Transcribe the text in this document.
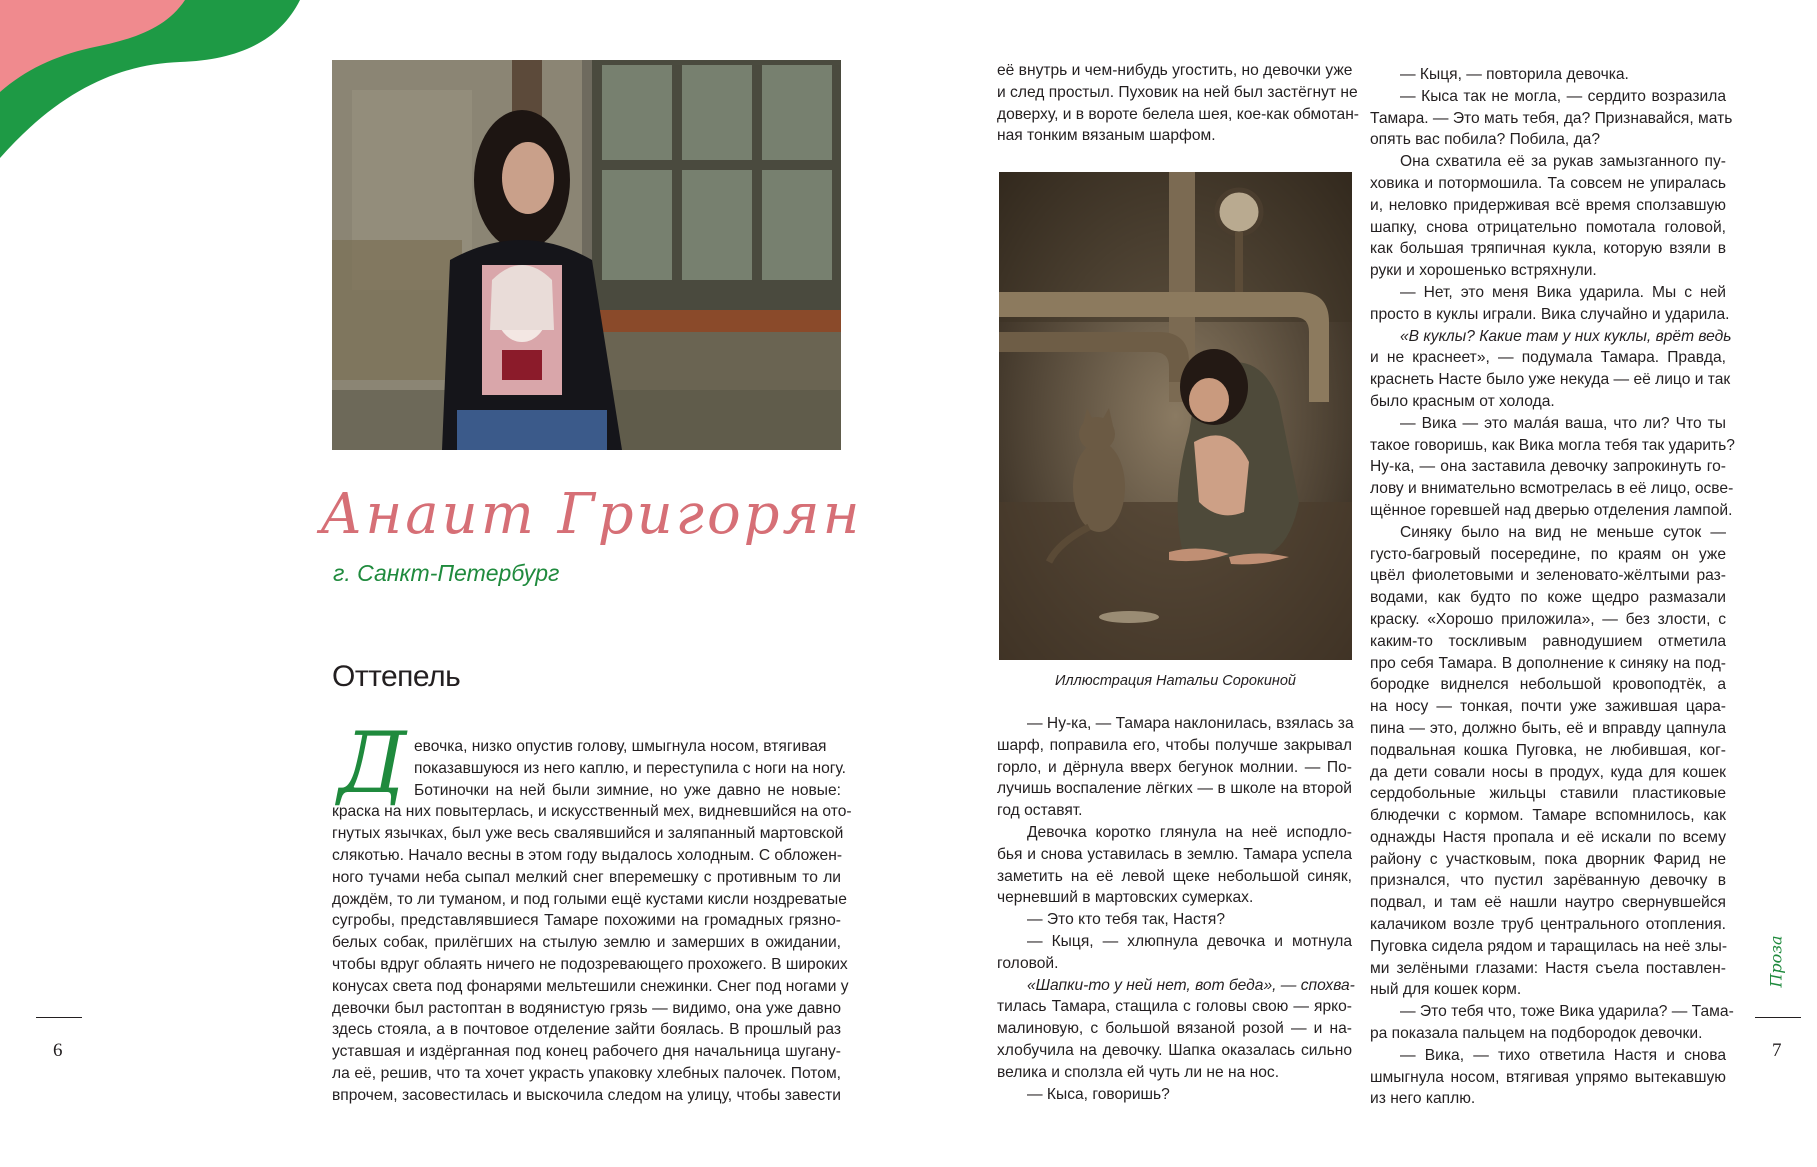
Анаит Григорян
г. Санкт-Петербург
Оттепель
Д евочка, низко опустив голову, шмыгнула носом, втягивая
показавшуюся из него каплю, и переступила с ноги на ногу.
Ботиночки на ней были зимние, но уже давно не новые:
краска на них повытерлась, и искусственный мех, видневшийся на ото-
гнутых язычках, был уже весь свалявшийся и заляпанный мартовской
слякотью. Начало весны в этом году выдалось холодным. С обложен-
ного тучами неба сыпал мелкий снег вперемешку с противным то ли
дождём, то ли туманом, и под голыми ещё кустами кисли ноздреватые
сугробы, представлявшиеся Тамаре похожими на громадных грязно-
белых собак, прилёгших на стылую землю и замерших в ожидании,
чтобы вдруг облаять ничего не подозревающего прохожего. В широких
конусах света под фонарями мельтешили снежинки. Снег под ногами у
девочки был растоптан в водянистую грязь — видимо, она уже давно
здесь стояла, а в почтовое отделение зайти боялась. В прошлый раз
уставшая и издёрганная под конец рабочего дня начальница шугану-
ла её, решив, что та хочет украсть упаковку хлебных палочек. Потом,
впрочем, засовестилась и выскочила следом на улицу, чтобы завести
её внутрь и чем-нибудь угостить, но девочки уже
и след простыл. Пуховик на ней был застёгнут не
доверху, и в вороте белела шея, кое-как обмотан-
ная тонким вязаным шарфом.
Иллюстрация Натальи Сорокиной
— Ну-ка, — Тамара наклонилась, взялась за
шарф, поправила его, чтобы получше закрывал
горло, и дёрнула вверх бегунок молнии. — По-
лучишь воспаление лёгких — в школе на второй
год оставят.
Девочка коротко глянула на неё исподло-
бья и снова уставилась в землю. Тамара успела
заметить на её левой щеке небольшой синяк,
черневший в мартовских сумерках.
— Это кто тебя так, Настя?
— Кыця, — хлюпнула девочка и мотнула
головой.
«Шапки-то у ней нет, вот беда», — спохва-
тилась Тамара, стащила с головы свою — ярко-
малиновую, с большой вязаной розой — и на-
хлобучила на девочку. Шапка оказалась сильно
велика и сползла ей чуть ли не на нос.
— Кыса, говоришь?
— Кыця, — повторила девочка.
— Кыса так не могла, — сердито возразила
Тамара. — Это мать тебя, да? Признавайся, мать
опять вас побила? Побила, да?
Она схватила её за рукав замызганного пу-
ховика и потормошила. Та совсем не упиралась
и, неловко придерживая всё время сползавшую
шапку, снова отрицательно помотала головой,
как большая тряпичная кукла, которую взяли в
руки и хорошенько встряхнули.
— Нет, это меня Вика ударила. Мы с ней
просто в куклы играли. Вика случайно и ударила.
«В куклы? Какие там у них куклы, врёт ведь
и не краснеет», — подумала Тамара. Правда,
краснеть Насте было уже некуда — её лицо и так
было красным от холода.
— Вика — это малáя ваша, что ли? Что ты
такое говоришь, как Вика могла тебя так ударить?
Ну-ка, — она заставила девочку запрокинуть го-
лову и внимательно всмотрелась в её лицо, осве-
щённое горевшей над дверью отделения лампой.
Синяку было на вид не меньше суток —
густо-багровый посередине, по краям он уже
цвёл фиолетовыми и зеленовато-жёлтыми раз-
водами, как будто по коже щедро размазали
краску. «Хорошо приложила», — без злости, с
каким-то тоскливым равнодушием отметила
про себя Тамара. В дополнение к синяку на под-
бородке виднелся небольшой кровоподтёк, а
на носу — тонкая, почти уже зажившая цара-
пина — это, должно быть, её и вправду цапнула
подвальная кошка Пуговка, не любившая, ког-
да дети совали носы в продух, куда для кошек
сердобольные жильцы ставили пластиковые
блюдечки с кормом. Тамаре вспомнилось, как
однажды Настя пропала и её искали по всему
району с участковым, пока дворник Фарид не
признался, что пустил зарёванную девочку в
подвал, и там её нашли наутро свернувшейся
калачиком возле труб центрального отопления.
Пуговка сидела рядом и таращилась на неё злы-
ми зелёными глазами: Настя съела поставлен-
ный для кошек корм.
— Это тебя что, тоже Вика ударила? — Тама-
ра показала пальцем на подбородок девочки.
— Вика, — тихо ответила Настя и снова
шмыгнула носом, втягивая упрямо вытекавшую
из него каплю.
6	7
Проза
